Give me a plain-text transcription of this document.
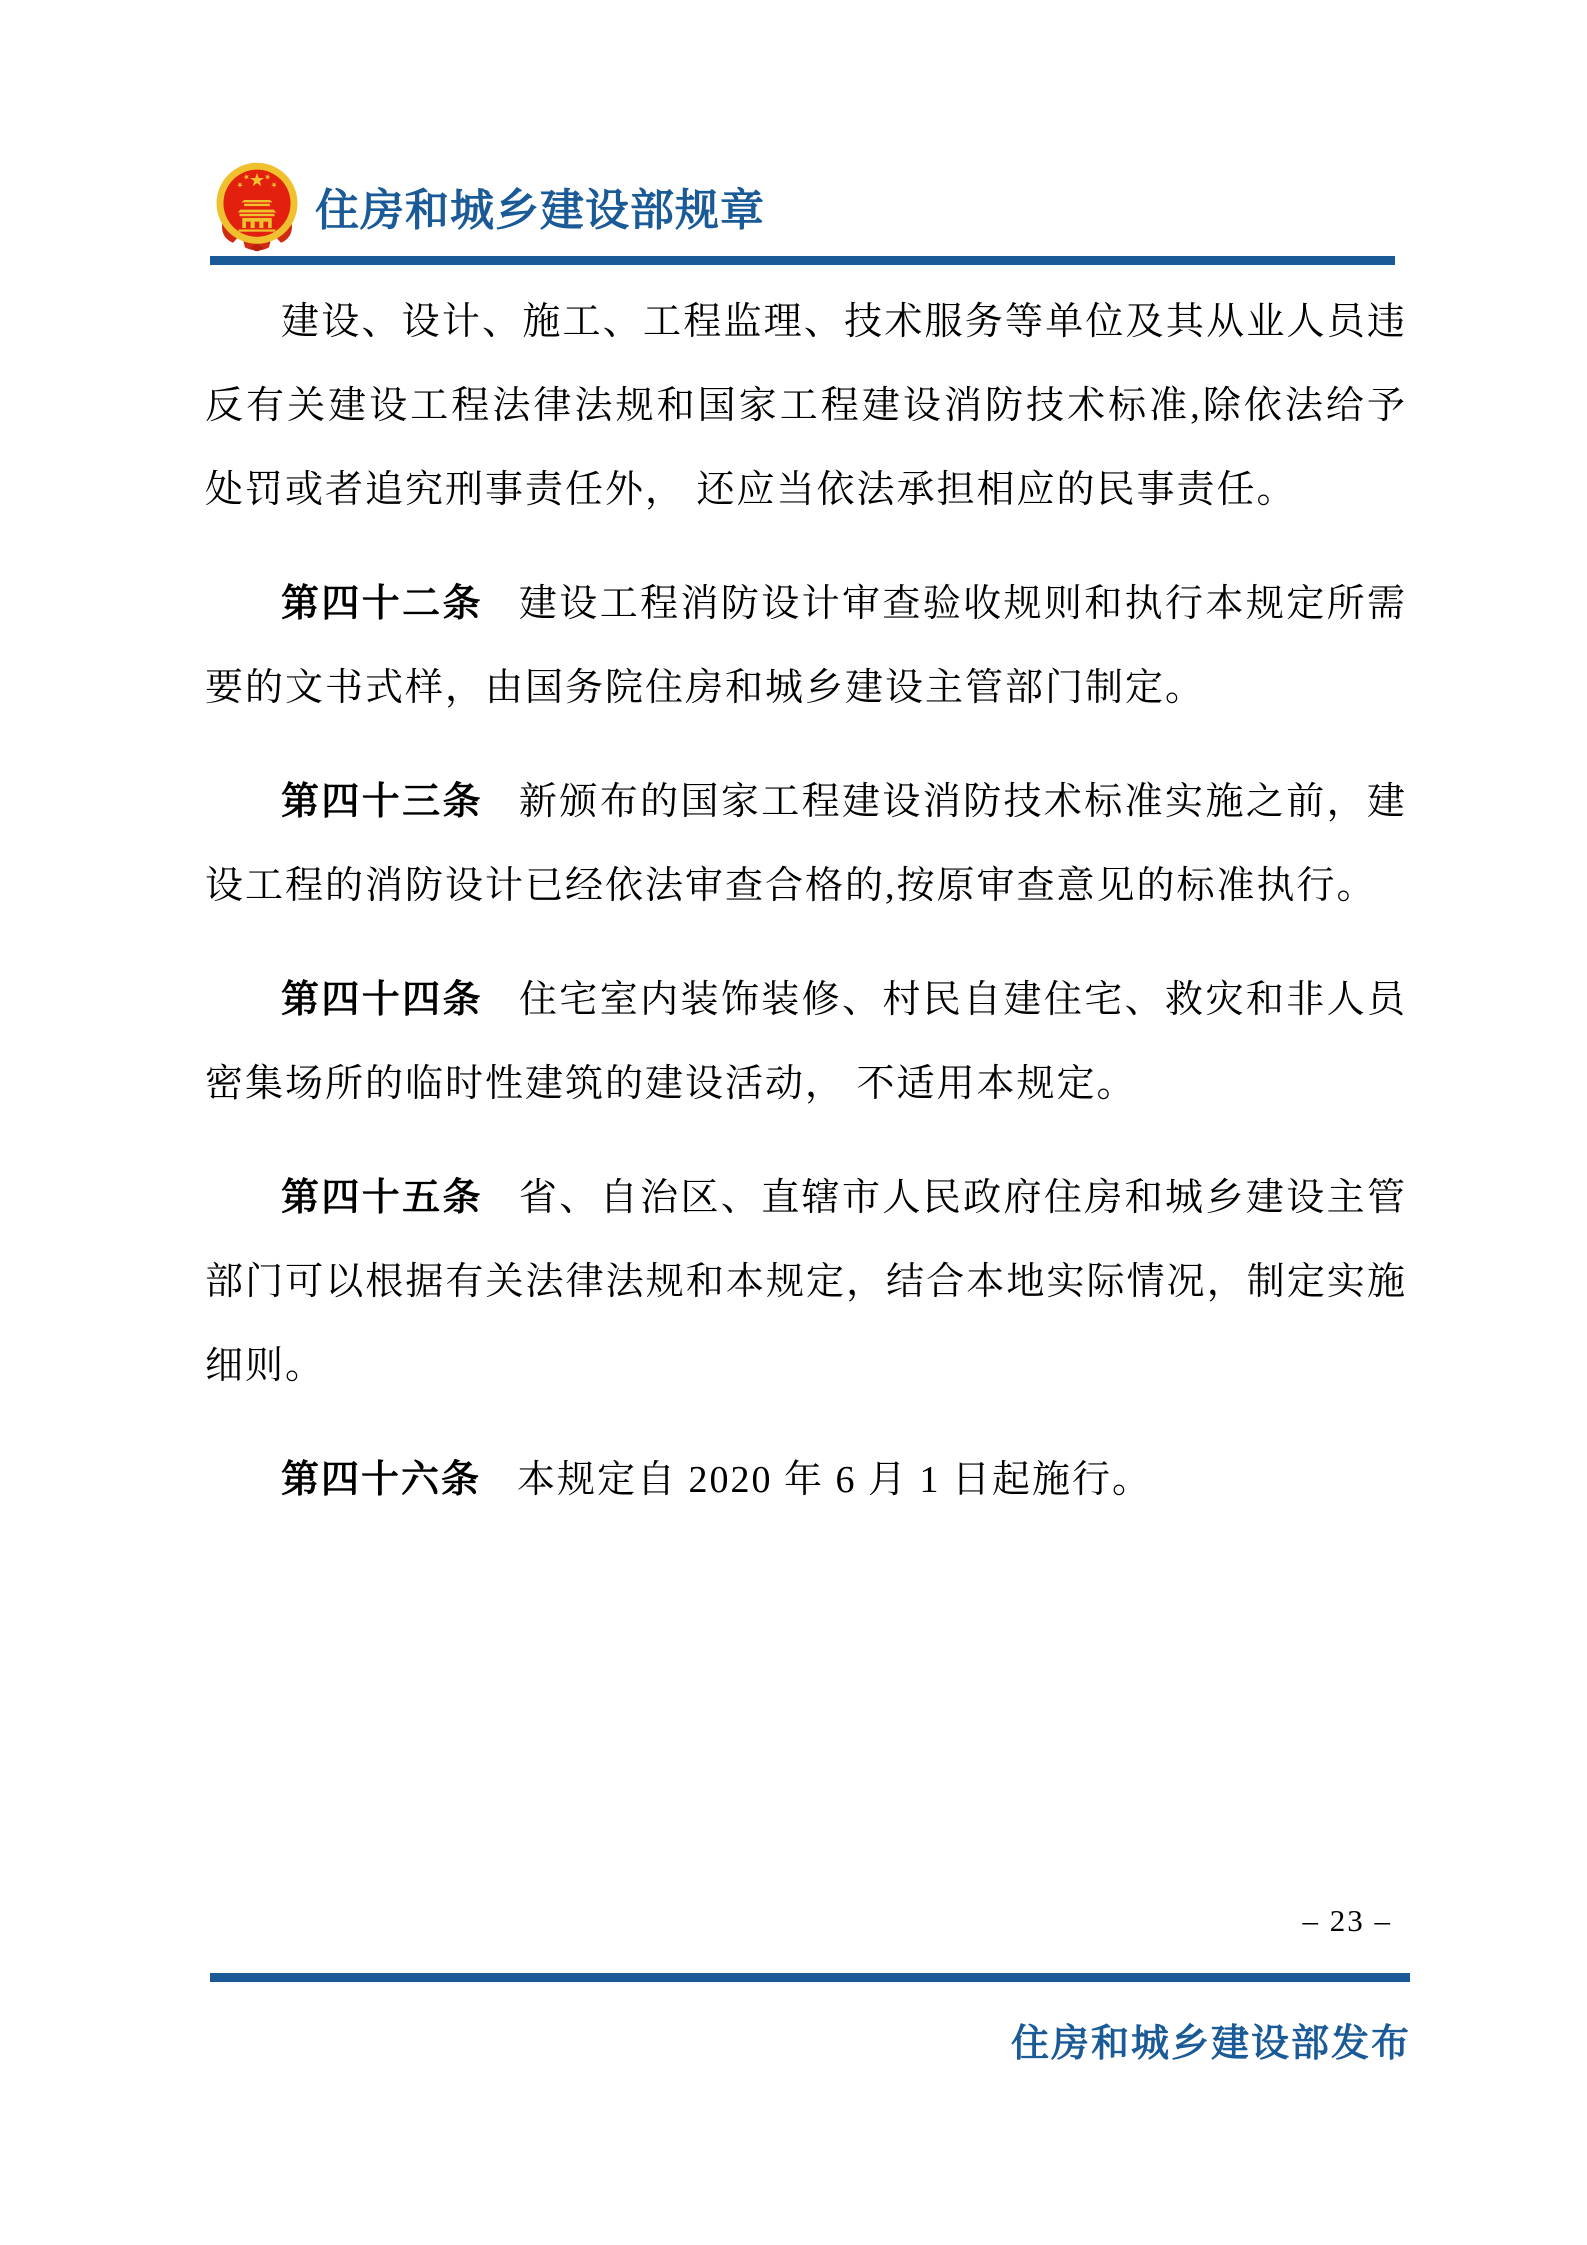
住房和城乡建设部规章

建设、设计、施工、工程监理、技术服务等单位及其从业人员违反有关建设工程法律法规和国家工程建设消防技术标准,除依法给予处罚或者追究刑事责任外， 还应当依法承担相应的民事责任。

第四十二条 建设工程消防设计审查验收规则和执行本规定所需要的文书式样，由国务院住房和城乡建设主管部门制定。

第四十三条 新颁布的国家工程建设消防技术标准实施之前，建设工程的消防设计已经依法审查合格的,按原审查意见的标准执行。

第四十四条 住宅室内装饰装修、村民自建住宅、救灾和非人员密集场所的临时性建筑的建设活动， 不适用本规定。

第四十五条 省、自治区、直辖市人民政府住房和城乡建设主管部门可以根据有关法律法规和本规定，结合本地实际情况，制定实施细则。

第四十六条 本规定自 2020 年 6 月 1 日起施行。

– 23 –
住房和城乡建设部发布
